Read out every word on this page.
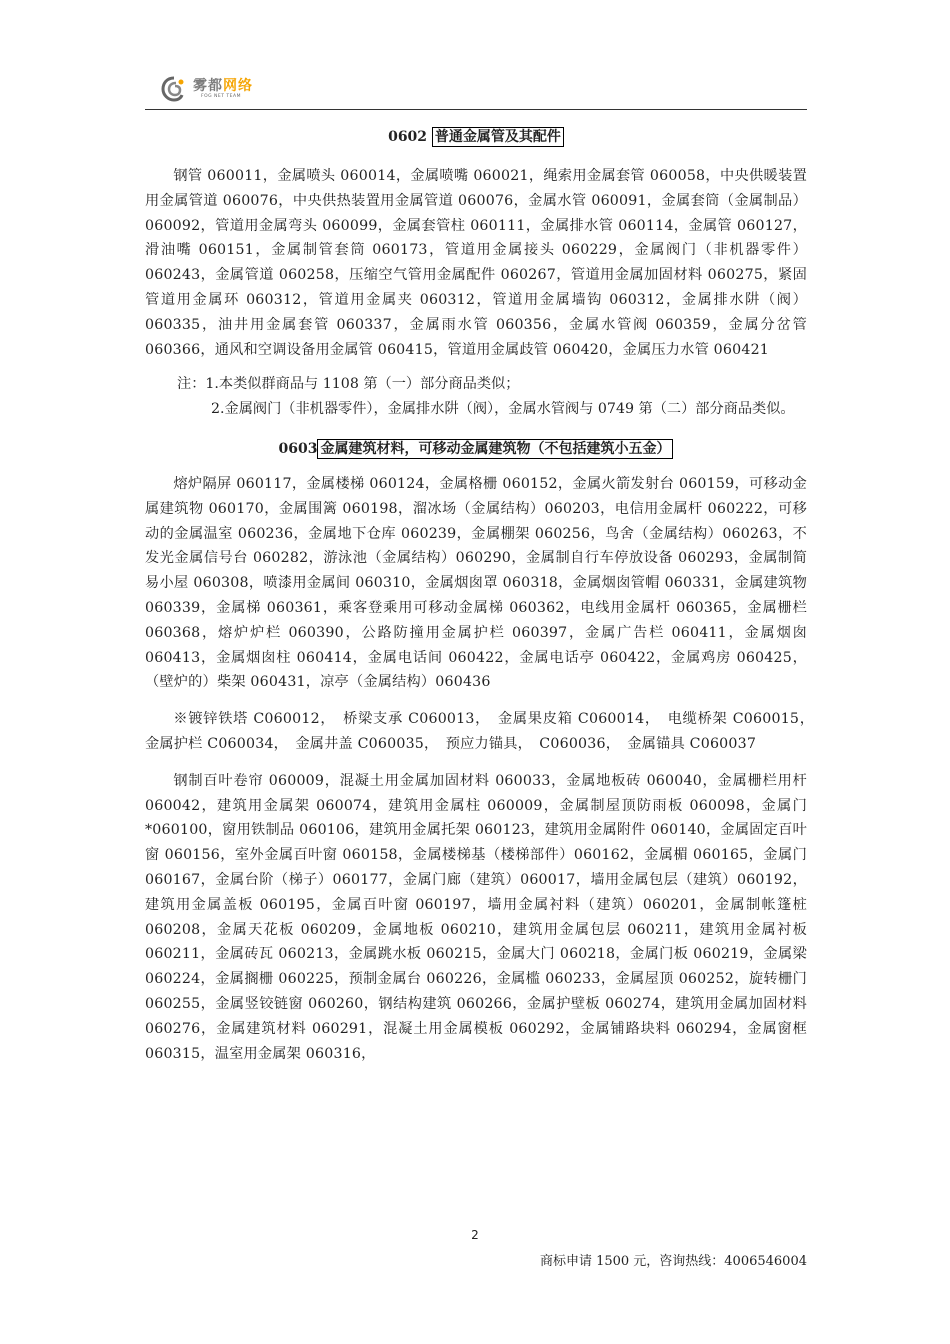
雾都网络
FOG NET TEAM

0602 普通金属管及其配件

钢管 060011，金属喷头 060014，金属喷嘴 060021，绳索用金属套管 060058，中央供暖装置用金属管道 060076，中央供热装置用金属管道 060076，金属水管 060091，金属套筒（金属制品）060092，管道用金属弯头 060099，金属套管柱 060111，金属排水管 060114，金属管 060127，滑油嘴 060151，金属制管套筒 060173，管道用金属接头 060229，金属阀门（非机器零件）060243，金属管道 060258，压缩空气管用金属配件 060267，管道用金属加固材料 060275，紧固管道用金属环 060312，管道用金属夹 060312，管道用金属墙钩 060312，金属排水阱（阀）060335，油井用金属套管 060337，金属雨水管 060356，金属水管阀 060359，金属分岔管 060366，通风和空调设备用金属管 060415，管道用金属歧管 060420，金属压力水管 060421

注：1.本类似群商品与 1108 第（一）部分商品类似；
2.金属阀门（非机器零件），金属排水阱（阀），金属水管阀与 0749 第（二）部分商品类似。

0603 金属建筑材料，可移动金属建筑物（不包括建筑小五金）

熔炉隔屏 060117，金属楼梯 060124，金属格栅 060152，金属火箭发射台 060159，可移动金属建筑物 060170，金属围篱 060198，溜冰场（金属结构）060203，电信用金属杆 060222，可移动的金属温室 060236，金属地下仓库 060239，金属棚架 060256，鸟舍（金属结构）060263，不发光金属信号台 060282，游泳池（金属结构）060290，金属制自行车停放设备 060293，金属制简易小屋 060308，喷漆用金属间 060310，金属烟囱罩 060318，金属烟囱管帽 060331，金属建筑物 060339，金属梯 060361，乘客登乘用可移动金属梯 060362，电线用金属杆 060365，金属栅栏 060368，熔炉炉栏 060390，公路防撞用金属护栏 060397，金属广告栏 060411，金属烟囱 060413，金属烟囱柱 060414，金属电话间 060422，金属电话亭 060422，金属鸡房 060425，（壁炉的）柴架 060431，凉亭（金属结构）060436

※镀锌铁塔 C060012，　桥梁支承 C060013，　金属果皮箱 C060014，　电缆桥架 C060015，　金属护栏 C060034，　金属井盖 C060035，　预应力锚具，　C060036，　金属锚具 C060037

钢制百叶卷帘 060009，混凝土用金属加固材料 060033，金属地板砖 060040，金属栅栏用杆 060042，建筑用金属架 060074，建筑用金属柱 060009，金属制屋顶防雨板 060098，金属门*060100，窗用铁制品 060106，建筑用金属托架 060123，建筑用金属附件 060140，金属固定百叶窗 060156，室外金属百叶窗 060158，金属楼梯基（楼梯部件）060162，金属楣 060165，金属门 060167，金属台阶（梯子）060177，金属门廊（建筑）060017，墙用金属包层（建筑）060192，建筑用金属盖板 060195，金属百叶窗 060197，墙用金属衬料（建筑）060201，金属制帐篷桩 060208，金属天花板 060209，金属地板 060210，建筑用金属包层 060211，建筑用金属衬板 060211，金属砖瓦 060213，金属跳水板 060215，金属大门 060218，金属门板 060219，金属梁 060224，金属搁栅 060225，预制金属台 060226，金属槛 060233，金属屋顶 060252，旋转栅门 060255，金属竖铰链窗 060260，钢结构建筑 060266，金属护壁板 060274，建筑用金属加固材料 060276，金属建筑材料 060291，混凝土用金属模板 060292，金属铺路块料 060294，金属窗框 060315，温室用金属架 060316，

2
商标申请 1500 元，咨询热线：4006546004
